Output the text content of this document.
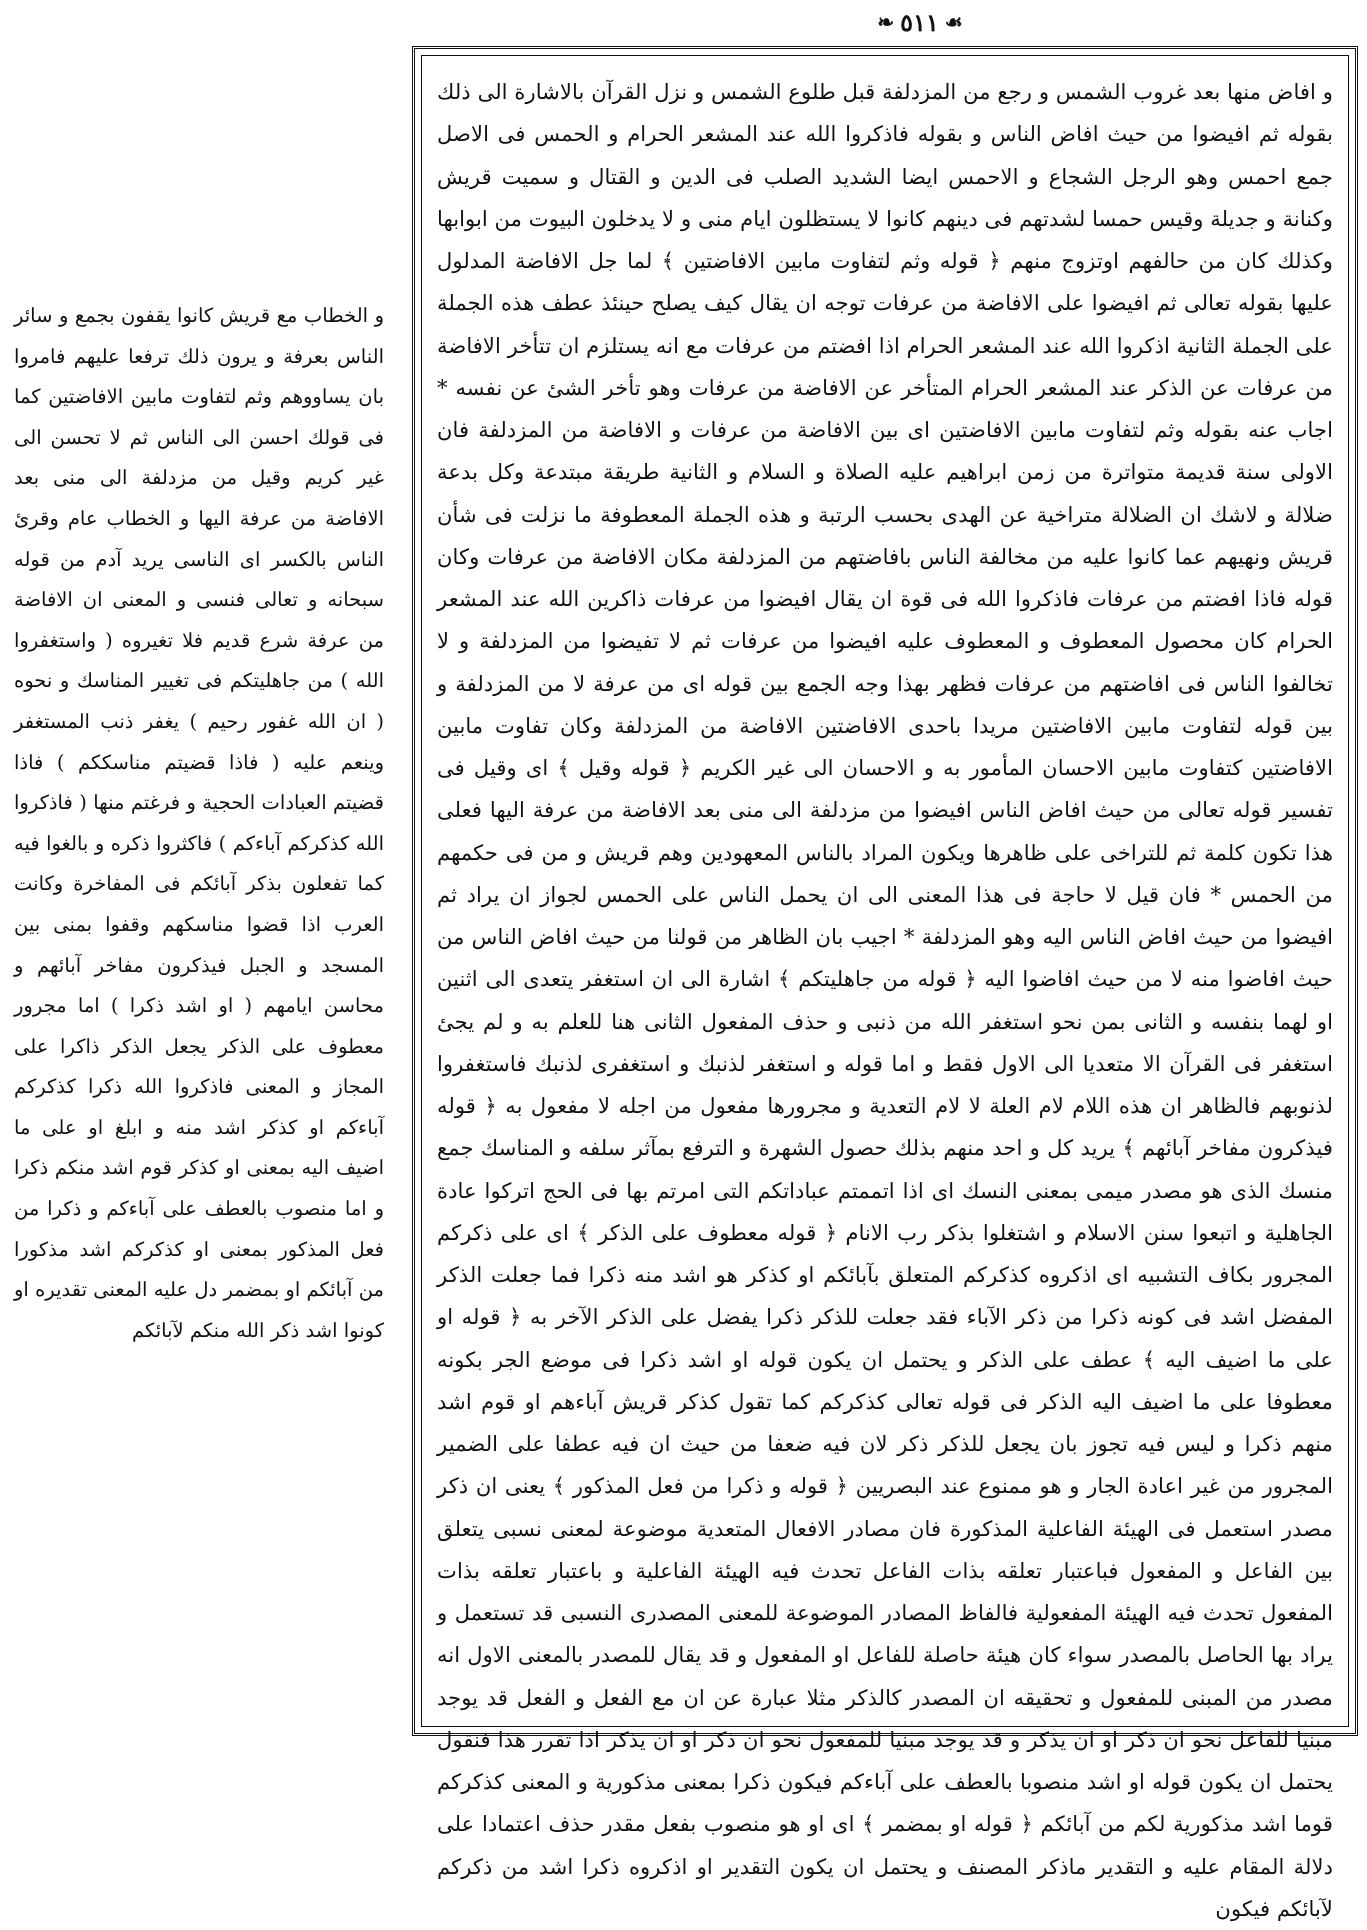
☙
٥١١
❧

و افاض منها بعد غروب الشمس و رجع من المزدلفة قبل طلوع الشمس و نزل القرآن بالاشارة الى ذلك بقوله ثم افيضوا من حيث افاض الناس و بقوله فاذكروا الله عند المشعر الحرام و الحمس فى الاصل جمع احمس وهو الرجل الشجاع و الاحمس ايضا الشديد الصلب فى الدين و القتال و سميت قريش وكنانة و جديلة وقيس حمسا لشدتهم فى دينهم كانوا لا يستظلون ايام منى و لا يدخلون البيوت من ابوابها وكذلك كان من حالفهم اوتزوج منهم ﴿ قوله وثم لتفاوت مابين الافاضتين ﴾ لما جل الافاضة المدلول عليها بقوله تعالى ثم افيضوا على الافاضة من عرفات توجه ان يقال كيف يصلح حينئذ عطف هذه الجملة على الجملة الثانية اذكروا الله عند المشعر الحرام اذا افضتم من عرفات مع انه يستلزم ان تتأخر الافاضة من عرفات عن الذكر عند المشعر الحرام المتأخر عن الافاضة من عرفات وهو تأخر الشئ عن نفسه * اجاب عنه بقوله وثم لتفاوت مابين الافاضتين اى بين الافاضة من عرفات و الافاضة من المزدلفة فان الاولى سنة قديمة متواترة من زمن ابراهيم عليه الصلاة و السلام و الثانية طريقة مبتدعة وكل بدعة ضلالة و لاشك ان الضلالة متراخية عن الهدى بحسب الرتبة و هذه الجملة المعطوفة ما نزلت فى شأن قريش ونهيهم عما كانوا عليه من مخالفة الناس بافاضتهم من المزدلفة مكان الافاضة من عرفات وكان قوله فاذا افضتم من عرفات فاذكروا الله فى قوة ان يقال افيضوا من عرفات ذاكرين الله عند المشعر الحرام كان محصول المعطوف و المعطوف عليه افيضوا من عرفات ثم لا تفيضوا من المزدلفة و لا تخالفوا الناس فى افاضتهم من عرفات فظهر بهذا وجه الجمع بين قوله اى من عرفة لا من المزدلفة و بين قوله لتفاوت مابين الافاضتين مريدا باحدى الافاضتين الافاضة من المزدلفة وكان تفاوت مابين الافاضتين كتفاوت مابين الاحسان المأمور به و الاحسان الى غير الكريم ﴿ قوله وقيل ﴾ اى وقيل فى تفسير قوله تعالى من حيث افاض الناس افيضوا من مزدلفة الى منى بعد الافاضة من عرفة اليها فعلى هذا تكون كلمة ثم للتراخى على ظاهرها ويكون المراد بالناس المعهودين وهم قريش و من فى حكمهم من الحمس * فان قيل لا حاجة فى هذا المعنى الى ان يحمل الناس على الحمس لجواز ان يراد ثم افيضوا من حيث افاض الناس اليه وهو المزدلفة * اجيب بان الظاهر من قولنا من حيث افاض الناس من حيث افاضوا منه لا من حيث افاضوا اليه ﴿ قوله من جاهليتكم ﴾ اشارة الى ان استغفر يتعدى الى اثنين او لهما بنفسه و الثانى بمن نحو استغفر الله من ذنبى و حذف المفعول الثانى هنا للعلم به و لم يجئ استغفر فى القرآن الا متعديا الى الاول فقط و اما قوله و استغفر لذنبك و استغفرى لذنبك فاستغفروا لذنوبهم فالظاهر ان هذه اللام لام العلة لا لام التعدية و مجرورها مفعول من اجله لا مفعول به ﴿ قوله فيذكرون مفاخر آبائهم ﴾ يريد كل و احد منهم بذلك حصول الشهرة و الترفع بمآثر سلفه و المناسك جمع منسك الذى هو مصدر ميمى بمعنى النسك اى اذا اتممتم عباداتكم التى امرتم بها فى الحج اتركوا عادة الجاهلية و اتبعوا سنن الاسلام و اشتغلوا بذكر رب الانام ﴿ قوله معطوف على الذكر ﴾ اى على ذكركم المجرور بكاف التشبيه اى اذكروه كذكركم المتعلق بآبائكم او كذكر هو اشد منه ذكرا فما جعلت الذكر المفضل اشد فى كونه ذكرا من ذكر الآباء فقد جعلت للذكر ذكرا يفضل على الذكر الآخر به ﴿ قوله او على ما اضيف اليه ﴾ عطف على الذكر و يحتمل ان يكون قوله او اشد ذكرا فى موضع الجر بكونه معطوفا على ما اضيف اليه الذكر فى قوله تعالى كذكركم كما تقول كذكر قريش آباءهم او قوم اشد منهم ذكرا و ليس فيه تجوز بان يجعل للذكر ذكر لان فيه ضعفا من حيث ان فيه عطفا على الضمير المجرور من غير اعادة الجار و هو ممنوع عند البصريين ﴿ قوله و ذكرا من فعل المذكور ﴾ يعنى ان ذكر مصدر استعمل فى الهيئة الفاعلية المذكورة فان مصادر الافعال المتعدية موضوعة لمعنى نسبى يتعلق بين الفاعل و المفعول فباعتبار تعلقه بذات الفاعل تحدث فيه الهيئة الفاعلية و باعتبار تعلقه بذات المفعول تحدث فيه الهيئة المفعولية فالفاظ المصادر الموضوعة للمعنى المصدرى النسبى قد تستعمل و يراد بها الحاصل بالمصدر سواء كان هيئة حاصلة للفاعل او المفعول و قد يقال للمصدر بالمعنى الاول انه مصدر من المبنى للمفعول و تحقيقه ان المصدر كالذكر مثلا عبارة عن ان مع الفعل و الفعل قد يوجد مبنيا للفاعل نحو ان ذكر او ان يذكر و قد يوجد مبنيا للمفعول نحو ان ذكر او ان يذكر اذا تقرر هذا فنقول يحتمل ان يكون قوله او اشد منصوبا بالعطف على آباءكم فيكون ذكرا بمعنى مذكورية و المعنى كذكركم قوما اشد مذكورية لكم من آبائكم ﴿ قوله او بمضمر ﴾ اى او هو منصوب بفعل مقدر حذف اعتمادا على دلالة المقام عليه و التقدير ماذكر المصنف و يحتمل ان يكون التقدير او اذكروه ذكرا اشد من ذكركم لآبائكم فيكون

و الخطاب مع قريش كانوا يقفون بجمع و سائر الناس بعرفة و يرون ذلك ترفعا عليهم فامروا بان يساووهم وثم لتفاوت مابين الافاضتين كما فى قولك احسن الى الناس ثم لا تحسن الى غير كريم وقيل من مزدلفة الى منى بعد الافاضة من عرفة اليها و الخطاب عام وقرئ الناس بالكسر اى الناسى يريد آدم من قوله سبحانه و تعالى فنسى و المعنى ان الافاضة من عرفة شرع قديم فلا تغيروه ( واستغفروا الله ) من جاهليتكم فى تغيير المناسك و نحوه ( ان الله غفور رحيم ) يغفر ذنب المستغفر وينعم عليه ( فاذا قضيتم مناسككم ) فاذا قضيتم العبادات الحجية و فرغتم منها ( فاذكروا الله كذكركم آباءكم ) فاكثروا ذكره و بالغوا فيه كما تفعلون بذكر آبائكم فى المفاخرة وكانت العرب اذا قضوا مناسكهم وقفوا بمنى بين المسجد و الجبل فيذكرون مفاخر آبائهم و محاسن ايامهم ( او اشد ذكرا ) اما مجرور معطوف على الذكر يجعل الذكر ذاكرا على المجاز و المعنى فاذكروا الله ذكرا كذكركم آباءكم او كذكر اشد منه و ابلغ او على ما اضيف اليه بمعنى او كذكر قوم اشد منكم ذكرا و اما منصوب بالعطف على آباءكم و ذكرا من فعل المذكور بمعنى او كذكركم اشد مذكورا من آبائكم او بمضمر دل عليه المعنى تقديره او كونوا اشد ذكر الله منكم لآبائكم
